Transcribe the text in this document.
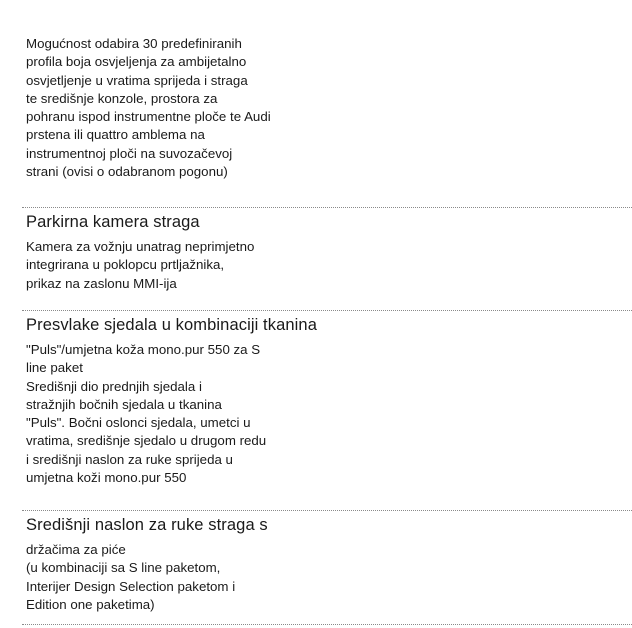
Mogućnost odabira 30 predefiniranih
profila boja osvjeljenja za ambijetalno
osvjetljenje u vratima sprijeda i straga
te središnje konzole, prostora za
pohranu ispod instrumentne ploče te Audi
prstena ili quattro amblema na
instrumentnoj ploči na suvozačevoj
strani (ovisi o odabranom pogonu)
Parkirna kamera straga
Kamera za vožnju unatrag neprimjetno
integrirana u poklopcu prtljažnika,
prikaz na zaslonu MMI-ija
Presvlake sjedala u kombinaciji tkanina
"Puls"/umjetna koža mono.pur 550 za S
line paket
Središnji dio prednjih sjedala i
stražnjih bočnih sjedala u tkanina
"Puls". Bočni oslonci sjedala, umetci u
vratima, središnje sjedalo u drugom redu
i središnji naslon za ruke sprijeda u
umjetna koži mono.pur 550
Središnji naslon za ruke straga s
držačima za piće
(u kombinaciji sa S line paketom,
Interijer Design Selection paketom i
Edition one paketima)
